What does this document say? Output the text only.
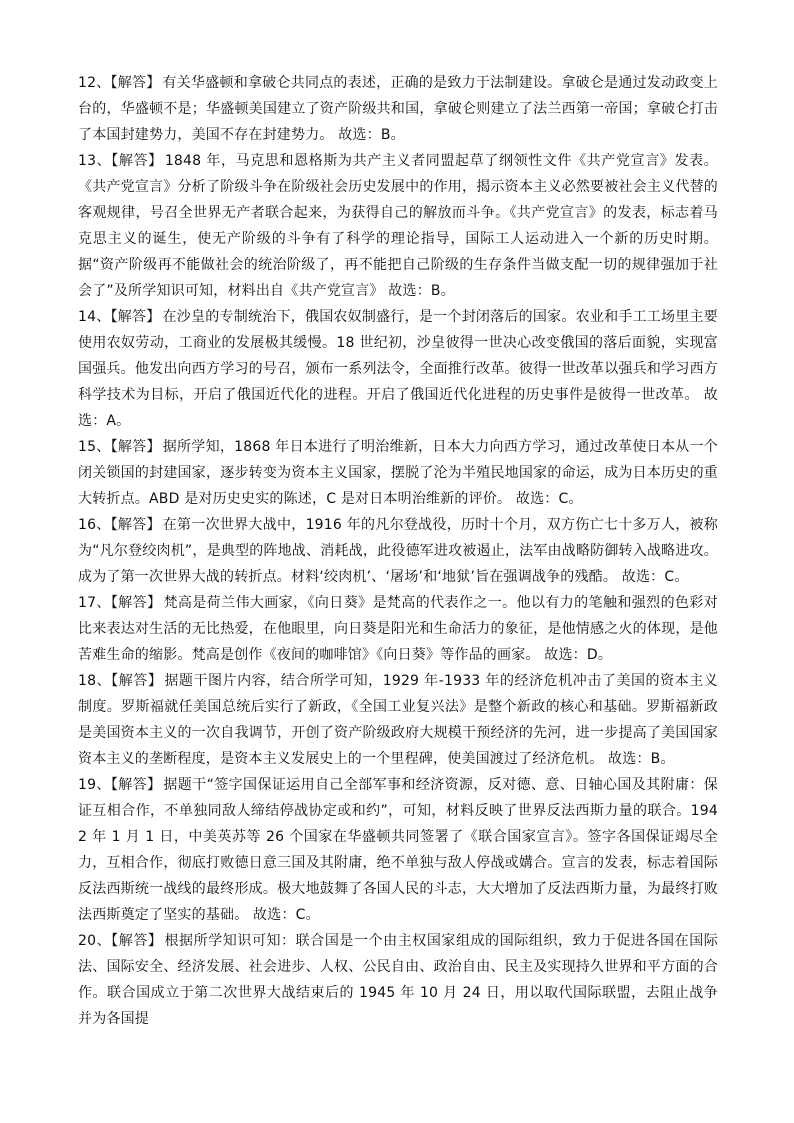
12、【解答】 有关华盛顿和拿破仑共同点的表述，正确的是致力于法制建设。拿破仑是通过发动政变上台的，华盛顿不是；华盛顿美国建立了资产阶级共和国，拿破仑则建立了法兰西第一帝国；拿破仑打击了本国封建势力，美国不存在封建势力。 故选：B。

13、【解答】 1848 年，马克思和恩格斯为共产主义者同盟起草了纲领性文件《共产党宣言》发表。《共产党宣言》分析了阶级斗争在阶级社会历史发展中的作用，揭示资本主义必然要被社会主义代替的客观规律，号召全世界无产者联合起来，为获得自己的解放而斗争。《共产党宣言》的发表，标志着马克思主义的诞生，使无产阶级的斗争有了科学的理论指导，国际工人运动进入一个新的历史时期。 据“资产阶级再不能做社会的统治阶级了，再不能把自己阶级的生存条件当做支配一切的规律强加于社会了”及所学知识可知，材料出自《共产党宣言》 故选：B。

14、【解答】 在沙皇的专制统治下，俄国农奴制盛行，是一个封闭落后的国家。农业和手工工场里主要使用农奴劳动，工商业的发展极其缓慢。18 世纪初，沙皇彼得一世决心改变俄国的落后面貌，实现富国强兵。他发出向西方学习的号召，颁布一系列法令，全面推行改革。彼得一世改革以强兵和学习西方科学技术为目标，开启了俄国近代化的进程。开启了俄国近代化进程的历史事件是彼得一世改革。 故选：A。

15、【解答】 据所学知，1868 年日本进行了明治维新，日本大力向西方学习，通过改革使日本从一个闭关锁国的封建国家，逐步转变为资本主义国家，摆脱了沦为半殖民地国家的命运，成为日本历史的重大转折点。ABD 是对历史史实的陈述，C 是对日本明治维新的评价。 故选：C。

16、【解答】 在第一次世界大战中，1916 年的凡尔登战役，历时十个月，双方伤亡七十多万人，被称为“凡尔登绞肉机”，是典型的阵地战、消耗战，此役德军进攻被遏止，法军由战略防御转入战略进攻。成为了第一次世界大战的转折点。材料‘绞肉机’、‘屠场’和‘地狱’旨在强调战争的残酷。 故选：C。

17、【解答】 梵高是荷兰伟大画家，《向日葵》是梵高的代表作之一。他以有力的笔触和强烈的色彩对比来表达对生活的无比热爱，在他眼里，向日葵是阳光和生命活力的象征，是他情感之火的体现，是他苦难生命的缩影。梵高是创作《夜间的咖啡馆》《向日葵》等作品的画家。 故选：D。

18、【解答】 据题干图片内容，结合所学可知，1929 年-1933 年的经济危机冲击了美国的资本主义制度。罗斯福就任美国总统后实行了新政，《全国工业复兴法》是整个新政的核心和基础。罗斯福新政是美国资本主义的一次自我调节，开创了资产阶级政府大规模干预经济的先河，进一步提高了美国国家资本主义的垄断程度，是资本主义发展史上的一个里程碑，使美国渡过了经济危机。 故选：B。

19、【解答】 据题干“签字国保证运用自己全部军事和经济资源，反对德、意、日轴心国及其附庸：保证互相合作，不单独同敌人缔结停战协定或和约”，可知，材料反映了世界反法西斯力量的联合。1942 年 1 月 1 日，中美英苏等 26 个国家在华盛顿共同签署了《联合国家宣言》。签字各国保证竭尽全力，互相合作，彻底打败德日意三国及其附庸，绝不单独与敌人停战或媾合。宣言的发表，标志着国际反法西斯统一战线的最终形成。极大地鼓舞了各国人民的斗志，大大增加了反法西斯力量，为最终打败法西斯奠定了坚实的基础。 故选：C。

20、【解答】 根据所学知识可知：联合国是一个由主权国家组成的国际组织，致力于促进各国在国际法、国际安全、经济发展、社会进步、人权、公民自由、政治自由、民主及实现持久世界和平方面的合作。联合国成立于第二次世界大战结束后的 1945 年 10 月 24 日，用以取代国际联盟，去阻止战争并为各国提
